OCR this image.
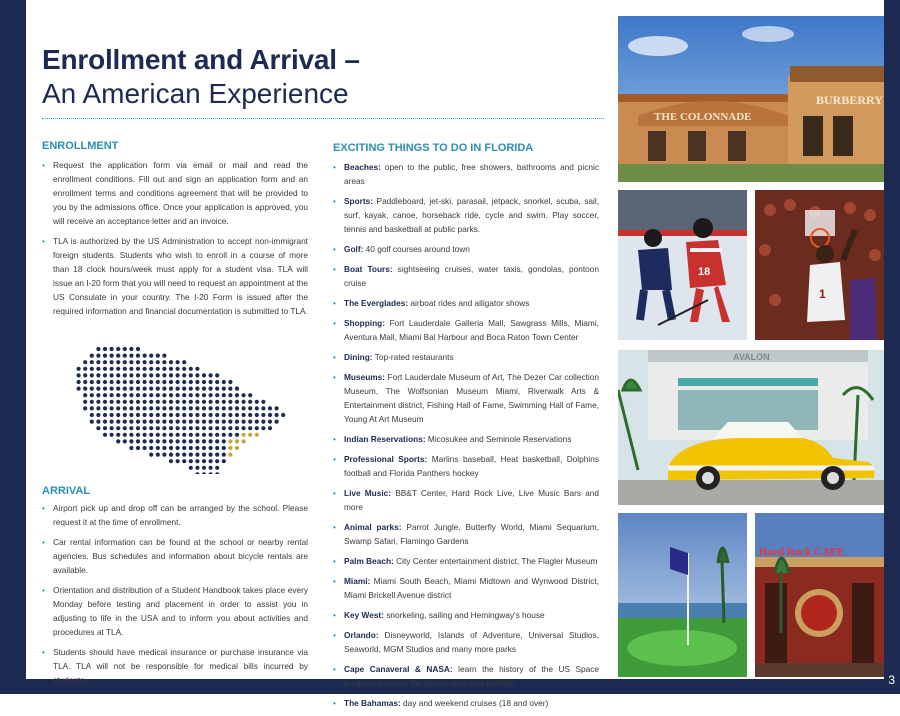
3
Enrollment and Arrival –
An American Experience
ENROLLMENT
• Request the application form via email or mail and read the enrollment conditions. Fill out and sign an application form and an enrollment terms and conditions agreement that will be provided to you by the admissions office. Once your application is approved, you will receive an acceptance letter and an invoice.
• TLA is authorized by the US Administration to accept non-immigrant foreign students. Students who wish to enroll in a course of more than 18 clock hours/week must apply for a student visa. TLA will issue an I-20 form that you will need to request an appointment at the US Consulate in your country. The I-20 Form is issued after the required information and financial documentation is submitted to TLA.
ARRIVAL
• Airport pick up and drop off can be arranged by the school. Please request it at the time of enrollment.
• Car rental information can be found at the school or nearby rental agencies. Bus schedules and information about bicycle rentals are available.
• Orientation and distribution of a Student Handbook takes place every Monday before testing and placement in order to assist you in adjusting to life in the USA and to inform you about activities and procedures at TLA.
• Students should have medical insurance or purchase insurance via TLA. TLA will not be responsible for medical bills incurred by students.
EXCITING THINGS TO DO IN FLORIDA
• Beaches: open to the public, free showers, bathrooms and picnic areas
• Sports: Paddleboard, jet-ski, parasail, jetpack, snorkel, scuba, sail, surf, kayak, canoe, horseback ride, cycle and swim. Play soccer, tennis and basketball at public parks.
• Golf: 40 golf courses around town
• Boat Tours: sightseeing cruises, water taxis, gondolas, pontoon cruise
• The Everglades: airboat rides and alligator shows
• Shopping: Fort Lauderdale Galleria Mall, Sawgrass Mills, Miami, Aventura Mall, Miami Bal Harbour and Boca Raton Town Center
• Dining: Top-rated restaurants
• Museums: Fort Lauderdale Museum of Art, The Dezer Car collection Museum, The Wolfsonian Museum Miami, Riverwalk Arts & Entertainment district, Fishing Hall of Fame, Swimming Hall of Fame, Young At Art Museum
• Indian Reservations: Micosukee and Seminole Reservations
• Professional Sports: Marlins baseball, Heat basketball, Dolphins football and Florida Panthers hockey
• Live Music: BB&T Center, Hard Rock Live, Live Music Bars and more
• Animal parks: Parrot Jungle, Butterfly World, Miami Sequarium, Swamp Safari, Flamingo Gardens
• Palm Beach: City Center entertainment district, The Flagler Museum
• Miami: Miami South Beach, Miami Midtown and Wynwood District, Miami Brickell Avenue district
• Key West: snorkeling, sailing and Hemingway's house
• Orlando: Disneyworld, Islands of Adventure, Universal Studios, Seaworld, MGM Studios and many more parks
• Cape Canaveral & NASA: learn the history of the US Space program and tour the launch sites and exhibits
• The Bahamas: day and weekend cruises (18 and over)
THE COLONNADE
BURBERRY
18
1
AVALON
Hard Rock CAFE
